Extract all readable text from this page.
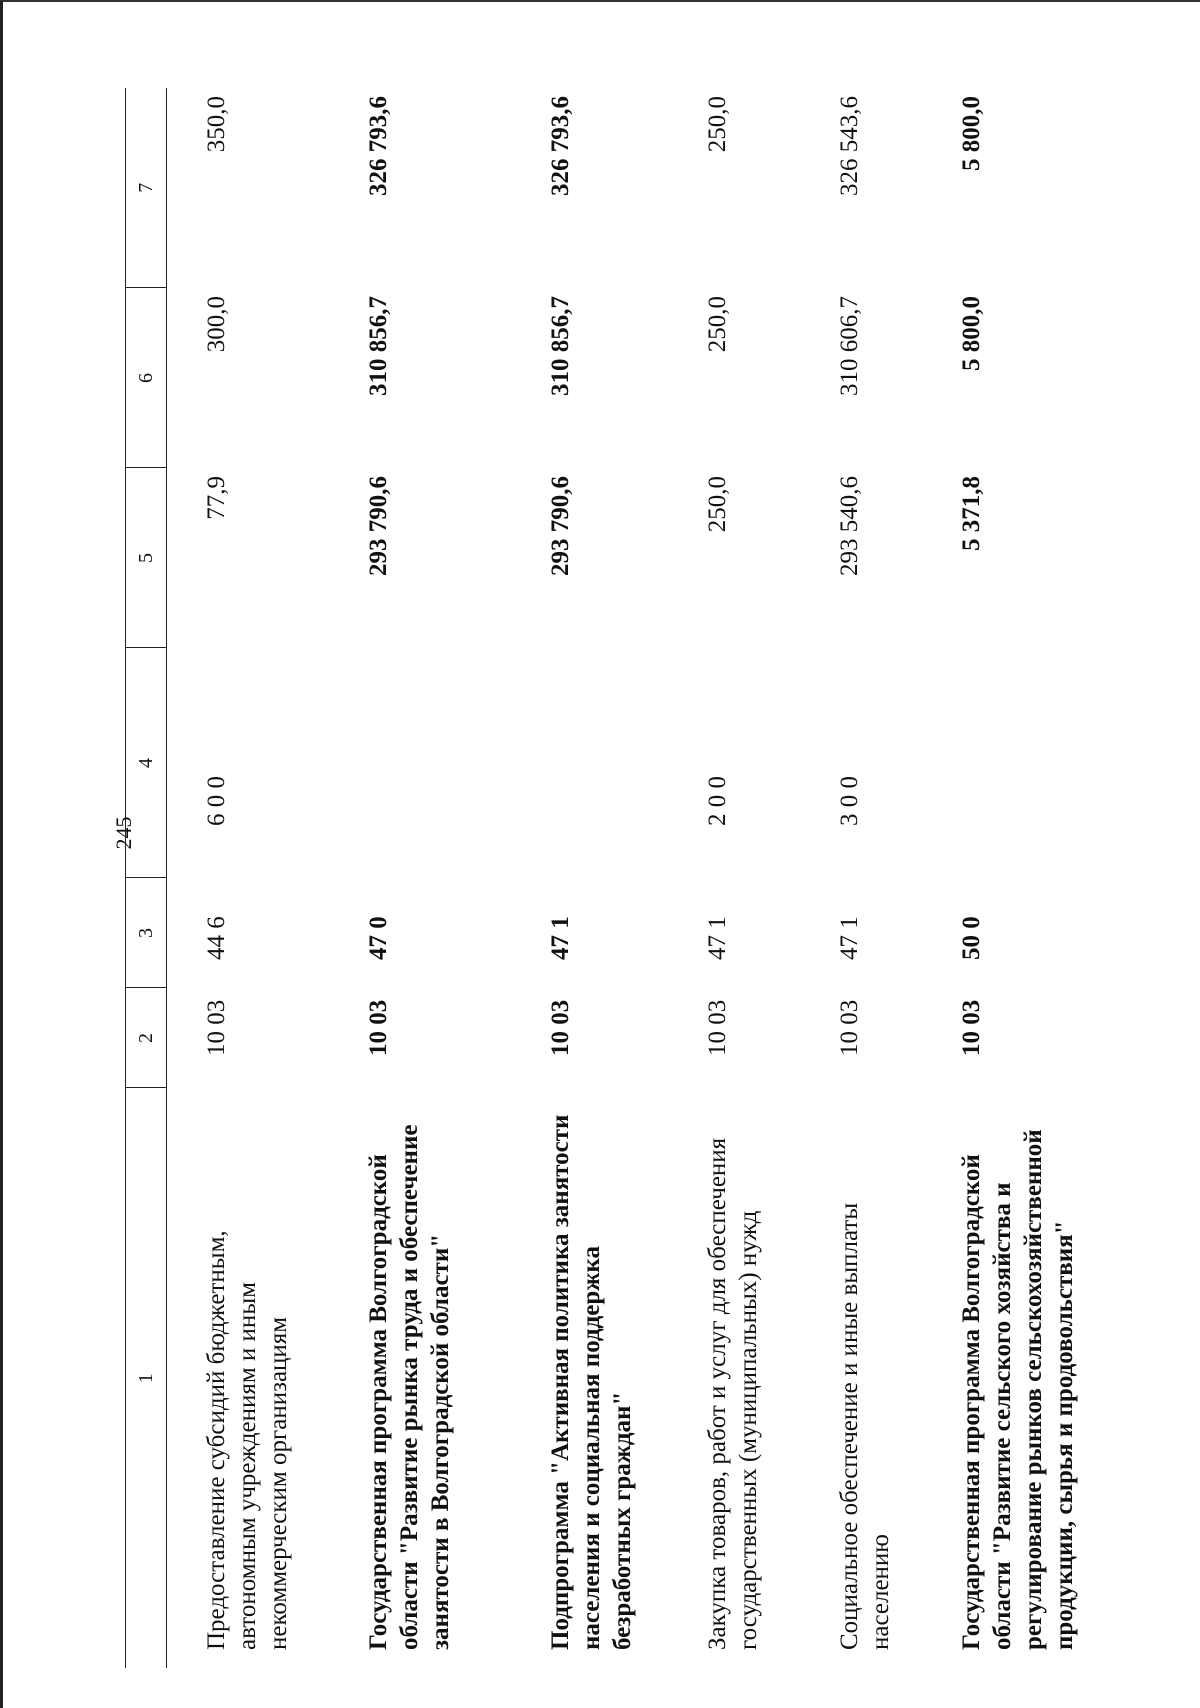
245
1	2	3	4	5	6	7
Предоставление субсидий бюджетным, автономным учреждениям и иным некоммерческим организациям	10 03	44 6	6 0 0	77,9	300,0	350,0
Государственная программа Волгоградской области "Развитие рынка труда и обеспечение занятости в Волгоградской области"	10 03	47 0		293 790,6	310 856,7	326 793,6
Подпрограмма "Активная политика занятости населения и социальная поддержка безработных граждан"	10 03	47 1		293 790,6	310 856,7	326 793,6
Закупка товаров, работ и услуг для обеспечения государственных (муниципальных) нужд	10 03	47 1	2 0 0	250,0	250,0	250,0
Социальное обеспечение и иные выплаты населению	10 03	47 1	3 0 0	293 540,6	310 606,7	326 543,6
Государственная программа Волгоградской области "Развитие сельского хозяйства и регулирование рынков сельскохозяйственной продукции, сырья и продовольствия"	10 03	50 0		5 371,8	5 800,0	5 800,0
